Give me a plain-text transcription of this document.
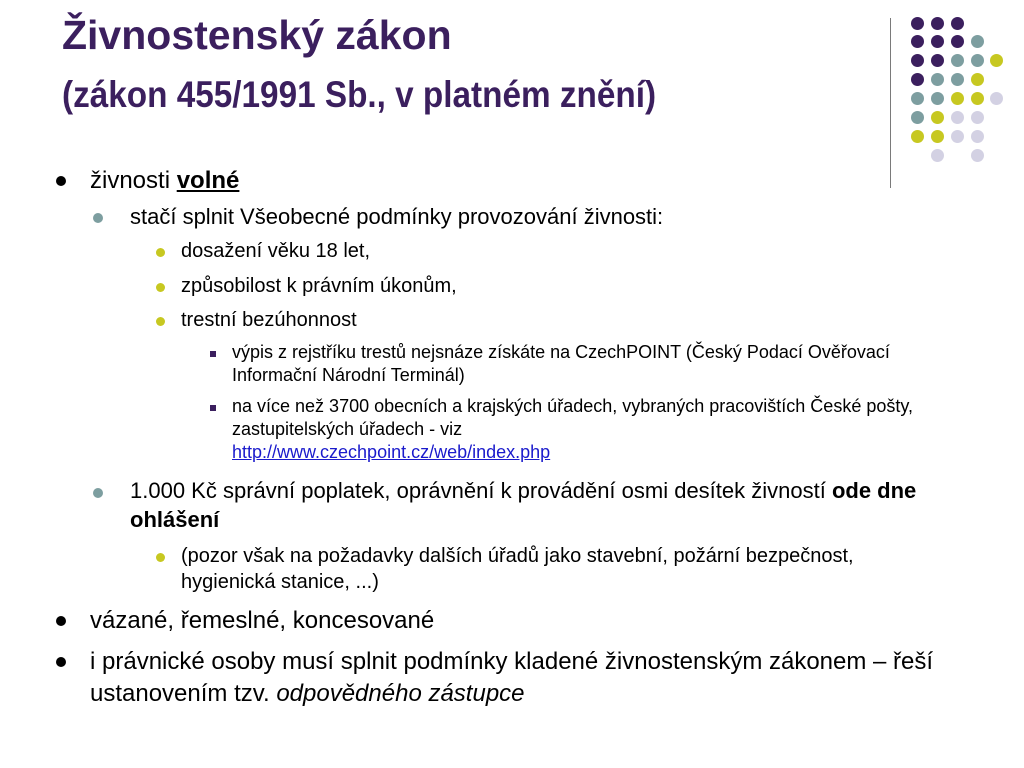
Živnostenský zákon
(zákon 455/1991 Sb., v platném znění)

živnosti volné

stačí splnit Všeobecné podmínky provozování živnosti:

dosažení věku 18 let,

způsobilost k právním úkonům,

trestní bezúhonnost

výpis z rejstříku trestů nejsnáze získáte na CzechPOINT (Český Podací Ověřovací Informační Národní Terminál)

na více než 3700 obecních a krajských úřadech, vybraných pracovištích České pošty, zastupitelských úřadech - viz
http://www.czechpoint.cz/web/index.php

1.000 Kč správní poplatek, oprávnění k provádění osmi desítek živností ode dne ohlášení

(pozor však na požadavky dalších úřadů jako stavební, požární bezpečnost, hygienická stanice, ...)

vázané, řemeslné, koncesované

i právnické osoby musí splnit podmínky kladené živnostenským zákonem – řeší ustanovením tzv. odpovědného zástupce
